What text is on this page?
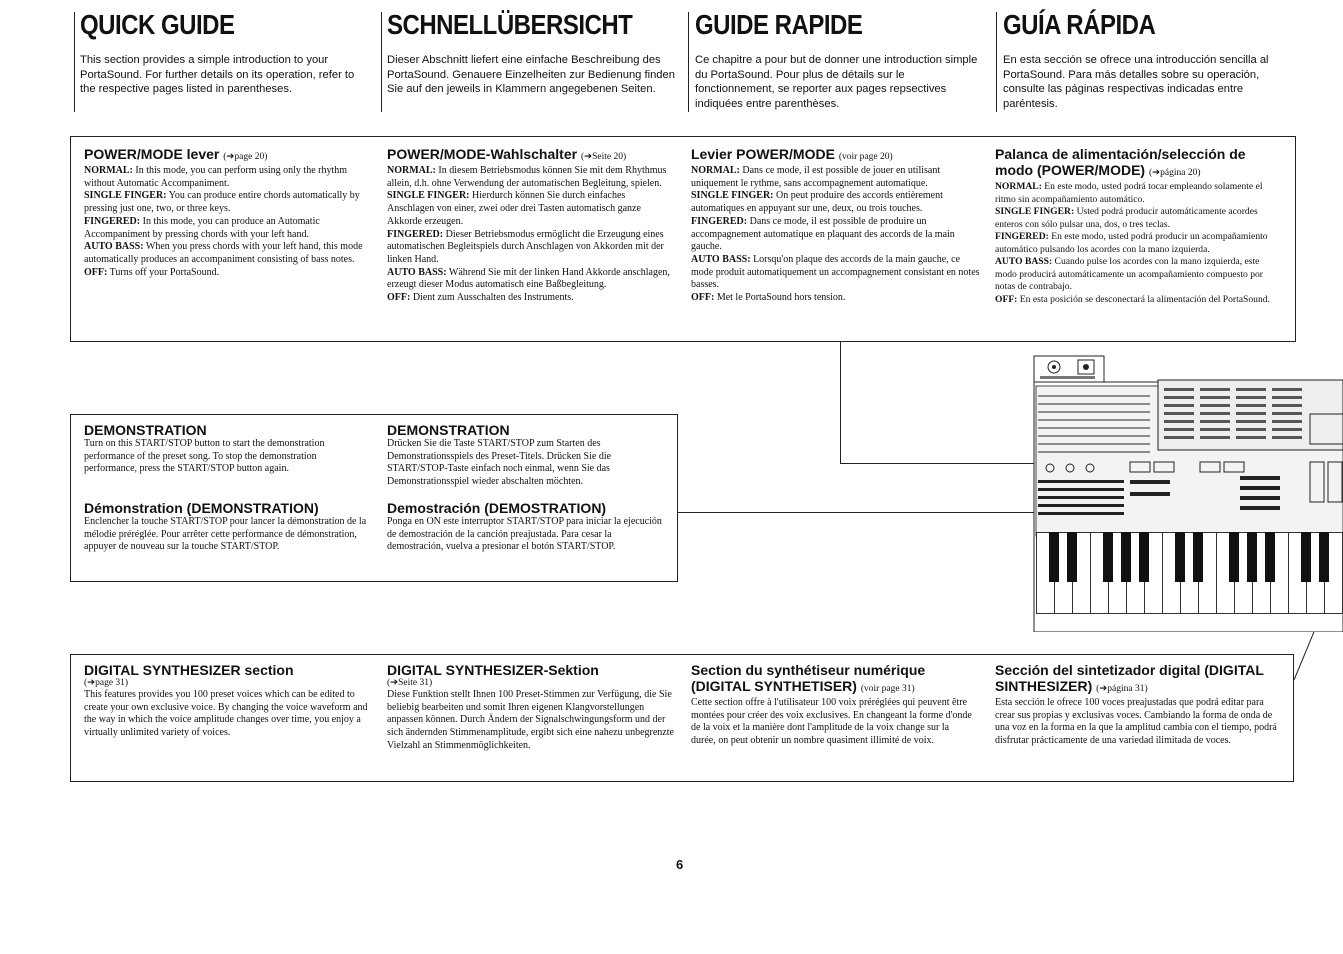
QUICK GUIDE	SCHNELLÜBERSICHT	GUIDE RAPIDE	GUÍA RÁPIDA
This section provides a simple introduction to your PortaSound. For further details on its operation, refer to the respective pages listed in parentheses.
Dieser Abschnitt liefert eine einfache Beschreibung des PortaSound. Genauere Einzelheiten zur Bedienung finden Sie auf den jeweils in Klammern angegebenen Seiten.
Ce chapitre a pour but de donner une introduction simple du PortaSound. Pour plus de détails sur le fonctionnement, se reporter aux pages repsectives indiquées entre parenthèses.
En esta sección se ofrece una introducción sencilla al PortaSound. Para más detalles sobre su operación, consulte las páginas respectivas indicadas entre paréntesis.

POWER/MODE lever (➔page 20)

NORMAL: In this mode, you can perform using only the rhythm without Automatic Accompaniment.

SINGLE FINGER: You can produce entire chords automatically by pressing just one, two, or three keys.

FINGERED: In this mode, you can produce an Automatic Accompaniment by pressing chords with your left hand.

AUTO BASS: When you press chords with your left hand, this mode automatically produces an accompaniment consisting of bass notes.

OFF: Turns off your PortaSound.

POWER/MODE-Wahlschalter (➔Seite 20)

NORMAL: In diesem Betriebsmodus können Sie mit dem Rhythmus allein, d.h. ohne Verwendung der automatischen Begleitung, spielen.

SINGLE FINGER: Hierdurch können Sie durch einfaches Anschlagen von einer, zwei oder drei Tasten automatisch ganze Akkorde erzeugen.

FINGERED: Dieser Betriebsmodus ermöglicht die Erzeugung eines automatischen Begleitspiels durch Anschlagen von Akkorden mit der linken Hand.

AUTO BASS: Während Sie mit der linken Hand Akkorde anschlagen, erzeugt dieser Modus automatisch eine Baßbegleitung.

OFF: Dient zum Ausschalten des Instruments.

Levier POWER/MODE (voir page 20)

NORMAL: Dans ce mode, il est possible de jouer en utilisant uniquement le rythme, sans accompagnement automatique.

SINGLE FINGER: On peut produire des accords entièrement automatiques en appuyant sur une, deux, ou trois touches.

FINGERED: Dans ce mode, il est possible de produire un accompagnement automatique en plaquant des accords de la main gauche.

AUTO BASS: Lorsqu'on plaque des accords de la main gauche, ce mode produit automatiquement un accompagnement consistant en notes basses.

OFF: Met le PortaSound hors tension.

Palanca de alimentación/selección de modo (POWER/MODE) (➔página 20)

NORMAL: En este modo, usted podrá tocar empleando solamente el ritmo sin acompañamiento automático.

SINGLE FINGER: Usted podrá producir automáticamente acordes enteros con sólo pulsar una, dos, o tres teclas.

FINGERED: En este modo, usted podrá producir un acompañamiento automático pulsando los acordes con la mano izquierda.

AUTO BASS: Cuando pulse los acordes con la mano izquierda, este modo producirá automáticamente un acompañamiento compuesto por notas de contrabajo.

OFF: En esta posición se desconectará la alimentación del PortaSound.

DEMONSTRATION

Turn on this START/STOP button to start the demonstration performance of the preset song. To stop the demonstration performance, press the START/STOP button again.

DEMONSTRATION

Drücken Sie die Taste START/STOP zum Starten des Demonstrationsspiels des Preset-Titels. Drücken Sie die START/STOP-Taste einfach noch einmal, wenn Sie das Demonstrationsspiel wieder abschalten möchten.

Démonstration (DEMONSTRATION)

Enclencher la touche START/STOP pour lancer la démonstration de la mélodie préréglée. Pour arrêter cette performance de démonstration, appuyer de nouveau sur la touche START/STOP.

Demostración (DEMOSTRATION)

Ponga en ON este interruptor START/STOP para iniciar la ejecución de demostración de la canción preajustada. Para cesar la demostración, vuelva a presionar el botón START/STOP.

DIGITAL SYNTHESIZER section

(➔page 31)

This features provides you 100 preset voices which can be edited to create your own exclusive voice. By changing the voice waveform and the way in which the voice amplitude changes over time, you enjoy a virtually unlimited variety of voices.

DIGITAL SYNTHESIZER-Sektion

(➔Seite 31)

Diese Funktion stellt Ihnen 100 Preset-Stimmen zur Verfügung, die Sie beliebig bearbeiten und somit Ihren eigenen Klangvorstellungen anpassen können. Durch Ändern der Signalschwingungsform und der sich ändernden Stimmenamplitude, ergibt sich eine nahezu unbegrenzte Vielzahl an Stimmenmöglichkeiten.

Section du synthétiseur numérique (DIGITAL SYNTHETISER) (voir page 31)

Cette section offre à l'utilisateur 100 voix préréglées qui peuvent être montées pour créer des voix exclusives. En changeant la forme d'onde de la voix et la manière dont l'amplitude de la voix change sur la durée, on peut obtenir un nombre quasiment illimité de voix.

Sección del sintetizador digital (DIGITAL SINTHESIZER) (➔página 31)

Esta sección le ofrece 100 voces preajustadas que podrá editar para crear sus propias y exclusivas voces. Cambiando la forma de onda de una voz en la forma en la que la amplitud cambia con el tiempo, podrá disfrutar prácticamente de una variedad ilimitada de voces.

6
